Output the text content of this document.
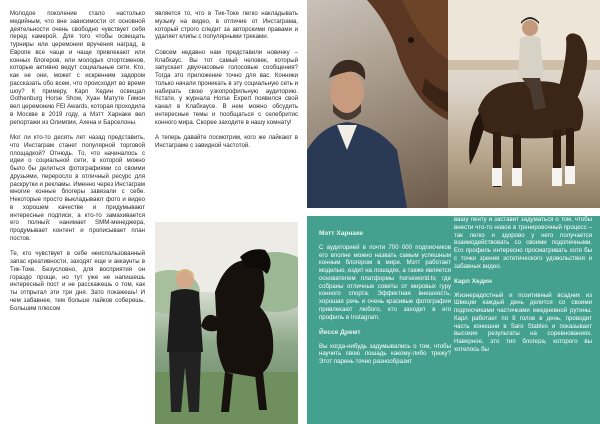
Молодое поколение стало настолько медийным, что вне зависимости от основной деятельности очень свободно чувствует себя перед камерой. Для того чтобы освещать турниры или церемонии вручения наград, в Европе все чаще и чаще привлекают или конных блогеров, или молодых спортсменов, которые активно ведут социальные сети. Кто, как не они, может с искренним задором рассказать обо всем, что происходит во время шоу? К примеру, Карл Хедин освещал Gothenburg Horse Show, Хуан Матуте Гимон вел церемонию FEI Awards, которая проходила в Москве в 2019 году, а Мэтт Харнаке вел репортажи из Олимпии, Ахена и Барселоны.

Мог ли кто-то десять лет назад представить, что Инстаграм станет популярной торговой площадкой? Отнюдь. То, что начиналось с идеи о социальной сети, в которой можно было бы делиться фотографиями со своими друзьями, переросло в отличный ресурс для раскрутки и рекламы. Именно через Инстаграм многие конные блогеры завязали с себе. Некоторые просто выкладывают фото и видео в хорошем качестве и придумывают интересные подписи, а кто-то замахивается его полный: нанимает SMM-менеджера, продумывает контент и прописывает план постов.

Те, кто чувствует в себе неиспользованный запас креативности, заходят еще и аккаунты в Тик-Токе. Безусловно, для восприятия он гораздо проще, но тут уже не напишешь интересный пост и не расскажешь о том, как ты отпрыгал эти три дня. Зато покажешь! И чем забавнее, тем больше лайков соберешь. Большим плюсом

является то, что в Тик-Токе легко накладывать музыку на видео, в отличие от Инстаграма, который строго следит за авторскими правами и удаляет клипы с популярными треками.

Совсем недавно нам представили новинку – Клабхаус. Вы тот самый человек, который запускает двухчасовые голосовые сообщения? Тогда это приложение точно для вас. Конники только начали проникать в эту социальную сеть и набирать свою узкопрофильную аудиторию. Кстати, у журнала Horse Expert появился свой канал в Клабхаусе. В нем можно обсудить интересные темы и пообщаться с селебритис конного мира. Скорее заходите в нашу комнату!

А теперь давайте посмотрим, кого же лайкают в Инстаграме с завидной частотой.

Мэтт Харнаке

С аудиторией в почти 700 000 подписчиков его вполне можно назвать самым успешным конным блогером в мире. Мэтт работает моделью, ездит на лошадях, а также является основателем платформы horseworld.tv, где собраны отличные советы от мировых гуру конного спорта. Эффектная внешность, хорошая речь и очень красивые фотографии привлекают любого, кто заходит в его профиль в Instagram.

Йессе Дремт

Вы когда-нибудь задумывались о том, чтобы научить свою лошадь какому-либо трюку? Этот парень точно разнообразит

вашу ленту и заставит задуматься о том, чтобы внести что-то новое в тренировочный процесс – так легко и здорово у него получается взаимодействовать со своими подопечными. Его профиль интересно просматривать хотя бы с точки зрения эстетического удовольствия и забавных видео.

Карл Хедин

Жизнерадостный и позитивный всадник из Швеции каждый день делится со своими подписчиками частичками ежедневной рутины. Карл работает по 8 голов в день, проводит часть конюшни в Saro Stables и показывает высокие результаты на соревнованиях. Наверное, это тип блогера, которого вы хотелось бы
